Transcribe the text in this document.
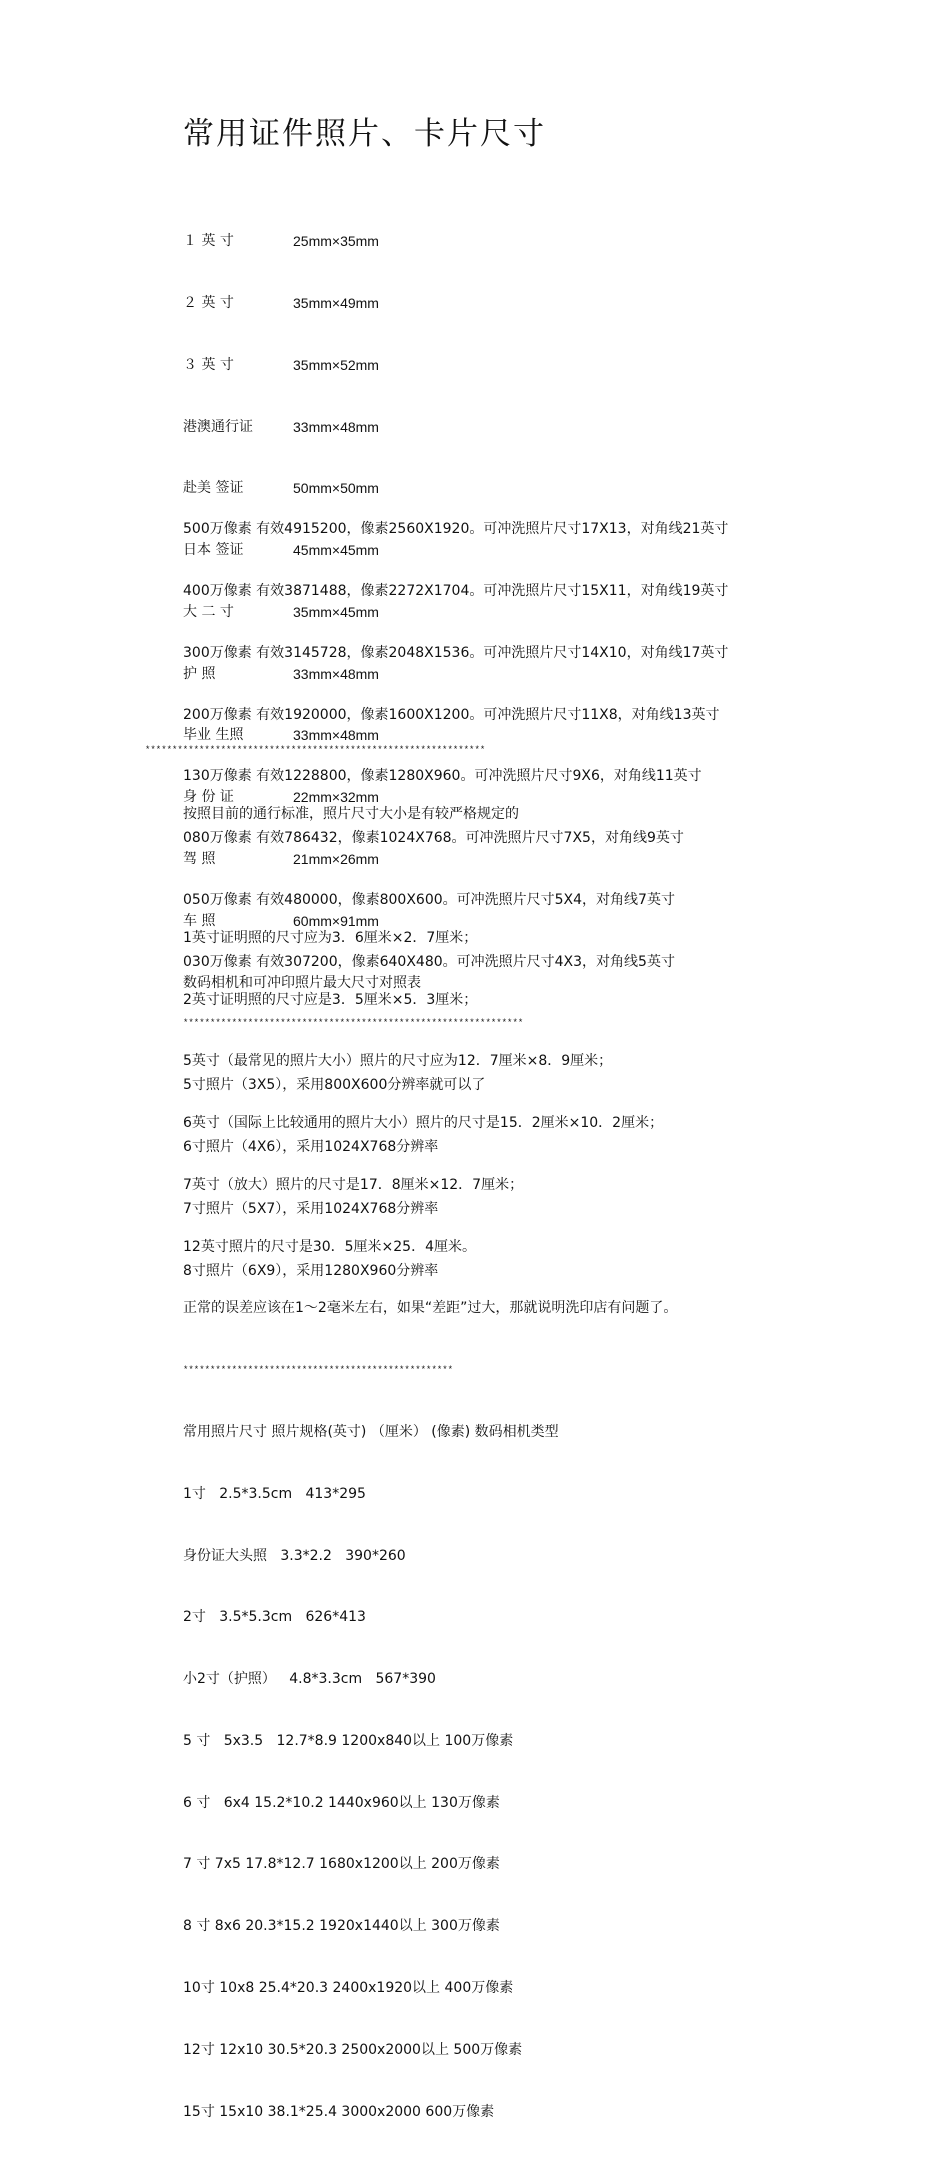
常用证件照片、卡片尺寸

１ 英 寸	25mm×35mm

２ 英 寸	35mm×49mm

３ 英 寸	35mm×52mm

港澳通行证	33mm×48mm

赴美 签证	50mm×50mm

日本 签证	45mm×45mm

大 二 寸	35mm×45mm

护 照	33mm×48mm

毕业 生照	33mm×48mm

身 份 证	22mm×32mm

驾 照	21mm×26mm

车 照	60mm×91mm

数码相机和可冲印照片最大尺寸对照表

500万像素 有效4915200，像素2560X1920。可冲洗照片尺寸17X13，对角线21英寸

400万像素 有效3871488，像素2272X1704。可冲洗照片尺寸15X11，对角线19英寸

300万像素 有效3145728，像素2048X1536。可冲洗照片尺寸14X10，对角线17英寸

200万像素 有效1920000，像素1600X1200。可冲洗照片尺寸11X8，对角线13英寸

130万像素 有效1228800，像素1280X960。可冲洗照片尺寸9X6，对角线11英寸

080万像素 有效786432，像素1024X768。可冲洗照片尺寸7X5，对角线9英寸

050万像素 有效480000，像素800X600。可冲洗照片尺寸5X4，对角线7英寸

030万像素 有效307200，像素640X480。可冲洗照片尺寸4X3，对角线5英寸

***************************************************************

5寸照片（3X5），采用800X600分辨率就可以了

6寸照片（4X6），采用1024X768分辨率

7寸照片（5X7），采用1024X768分辨率

8寸照片（6X9），采用1280X960分辨率

***************************************************************

按照目前的通行标准，照片尺寸大小是有较严格规定的

1英寸证明照的尺寸应为3．6厘米×2．7厘米；

2英寸证明照的尺寸应是3．5厘米×5．3厘米；

5英寸（最常见的照片大小）照片的尺寸应为12．7厘米×8．9厘米；

6英寸（国际上比较通用的照片大小）照片的尺寸是15．2厘米×10．2厘米；

7英寸（放大）照片的尺寸是17．8厘米×12．7厘米；

12英寸照片的尺寸是30．5厘米×25．4厘米。

正常的误差应该在1～2毫米左右，如果“差距”过大，那就说明洗印店有问题了。

**************************************************

常用照片尺寸 照片规格(英寸) （厘米） (像素) 数码相机类型

1寸   2.5*3.5cm   413*295

身份证大头照   3.3*2.2   390*260

2寸   3.5*5.3cm   626*413

小2寸（护照）   4.8*3.3cm   567*390

5 寸   5x3.5   12.7*8.9 1200x840以上 100万像素

6 寸   6x4 15.2*10.2 1440x960以上 130万像素

7 寸 7x5 17.8*12.7 1680x1200以上 200万像素

8 寸 8x6 20.3*15.2 1920x1440以上 300万像素

10寸 10x8 25.4*20.3 2400x1920以上 400万像素

12寸 12x10 30.5*20.3 2500x2000以上 500万像素

15寸 15x10 38.1*25.4 3000x2000 600万像素
